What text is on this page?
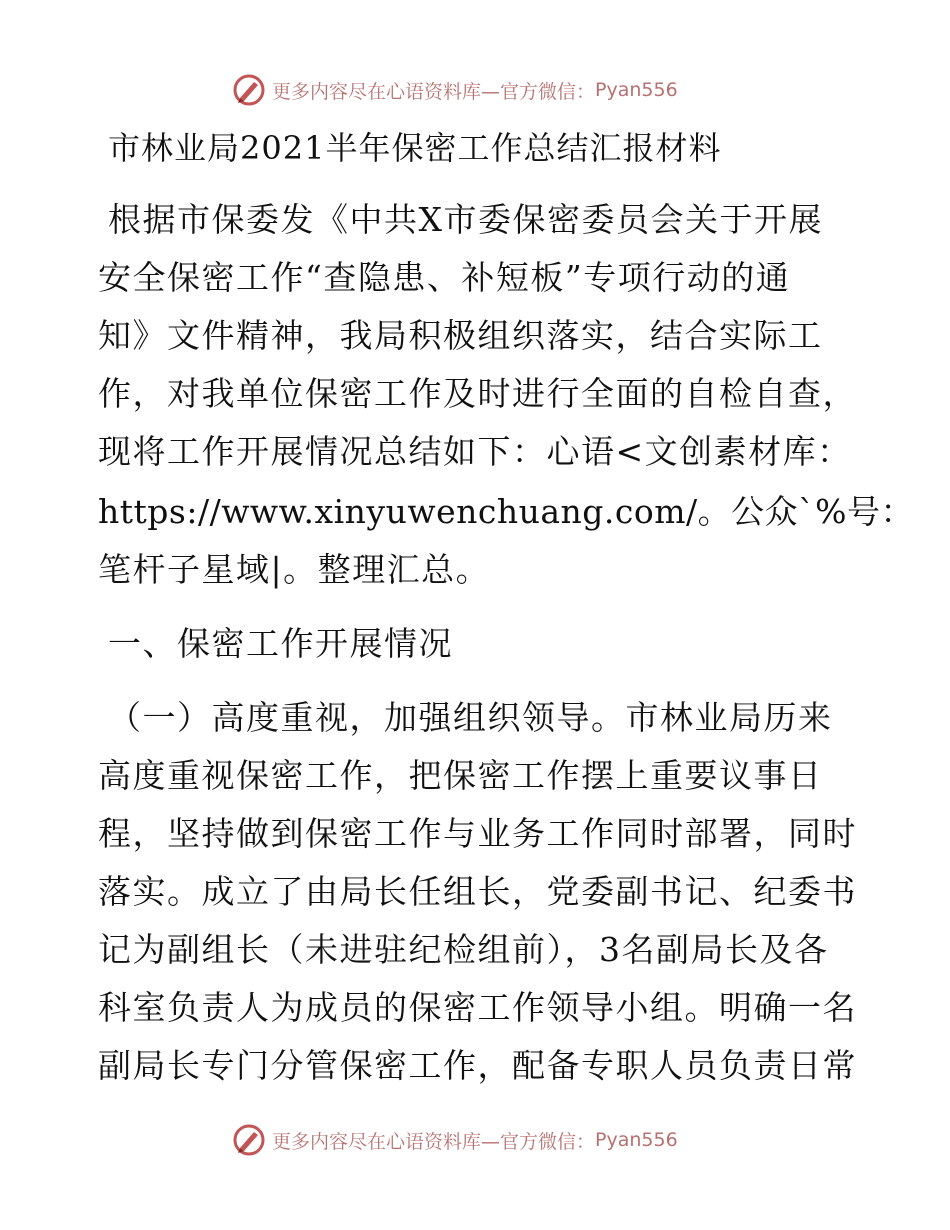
更多内容尽在心语资料库—官方微信： Pyan556
市林业局2021半年保密工作总结汇报材料
根据市保委发《中共X市委保密委员会关于开展
安全保密工作“查隐患、补短板”专项行动的通
知》文件精神，我局积极组织落实，结合实际工
作，对我单位保密工作及时进行全面的自检自查，
现将工作开展情况总结如下：心语<文创素材库：
https://www.xinyuwenchuang.com/。公众`%号：
笔杆子星域|。整理汇总。
一、保密工作开展情况
（一）高度重视，加强组织领导。市林业局历来
高度重视保密工作，把保密工作摆上重要议事日
程，坚持做到保密工作与业务工作同时部署，同时
落实。成立了由局长任组长，党委副书记、纪委书
记为副组长（未进驻纪检组前），3名副局长及各
科室负责人为成员的保密工作领导小组。明确一名
副局长专门分管保密工作，配备专职人员负责日常
更多内容尽在心语资料库—官方微信： Pyan556
